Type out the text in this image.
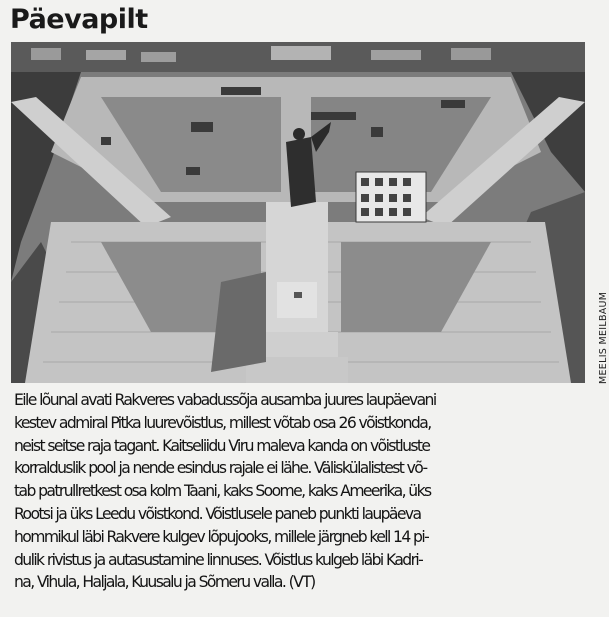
Päevapilt
MEELIS MEILBAUM
Eile lõunal avati Rakveres vabadussõja ausamba juures laupäevani
kestev admiral Pitka luurevõistlus, millest võtab osa 26 võistkonda,
neist seitse raja tagant. Kaitseliidu Viru maleva kanda on võistluste
korralduslik pool ja nende esindus rajale ei lähe. Väliskülalistest võ-
tab patrullretkest osa kolm Taani, kaks Soome, kaks Ameerika, üks
Rootsi ja üks Leedu võistkond. Võistlusele paneb punkti laupäeva
hommikul läbi Rakvere kulgev lõpujooks, millele järgneb kell 14 pi-
dulik rivistus ja autasustamine linnuses. Võistlus kulgeb läbi Kadri-
na, Vihula, Haljala, Kuusalu ja Sõmeru valla. (VT)
